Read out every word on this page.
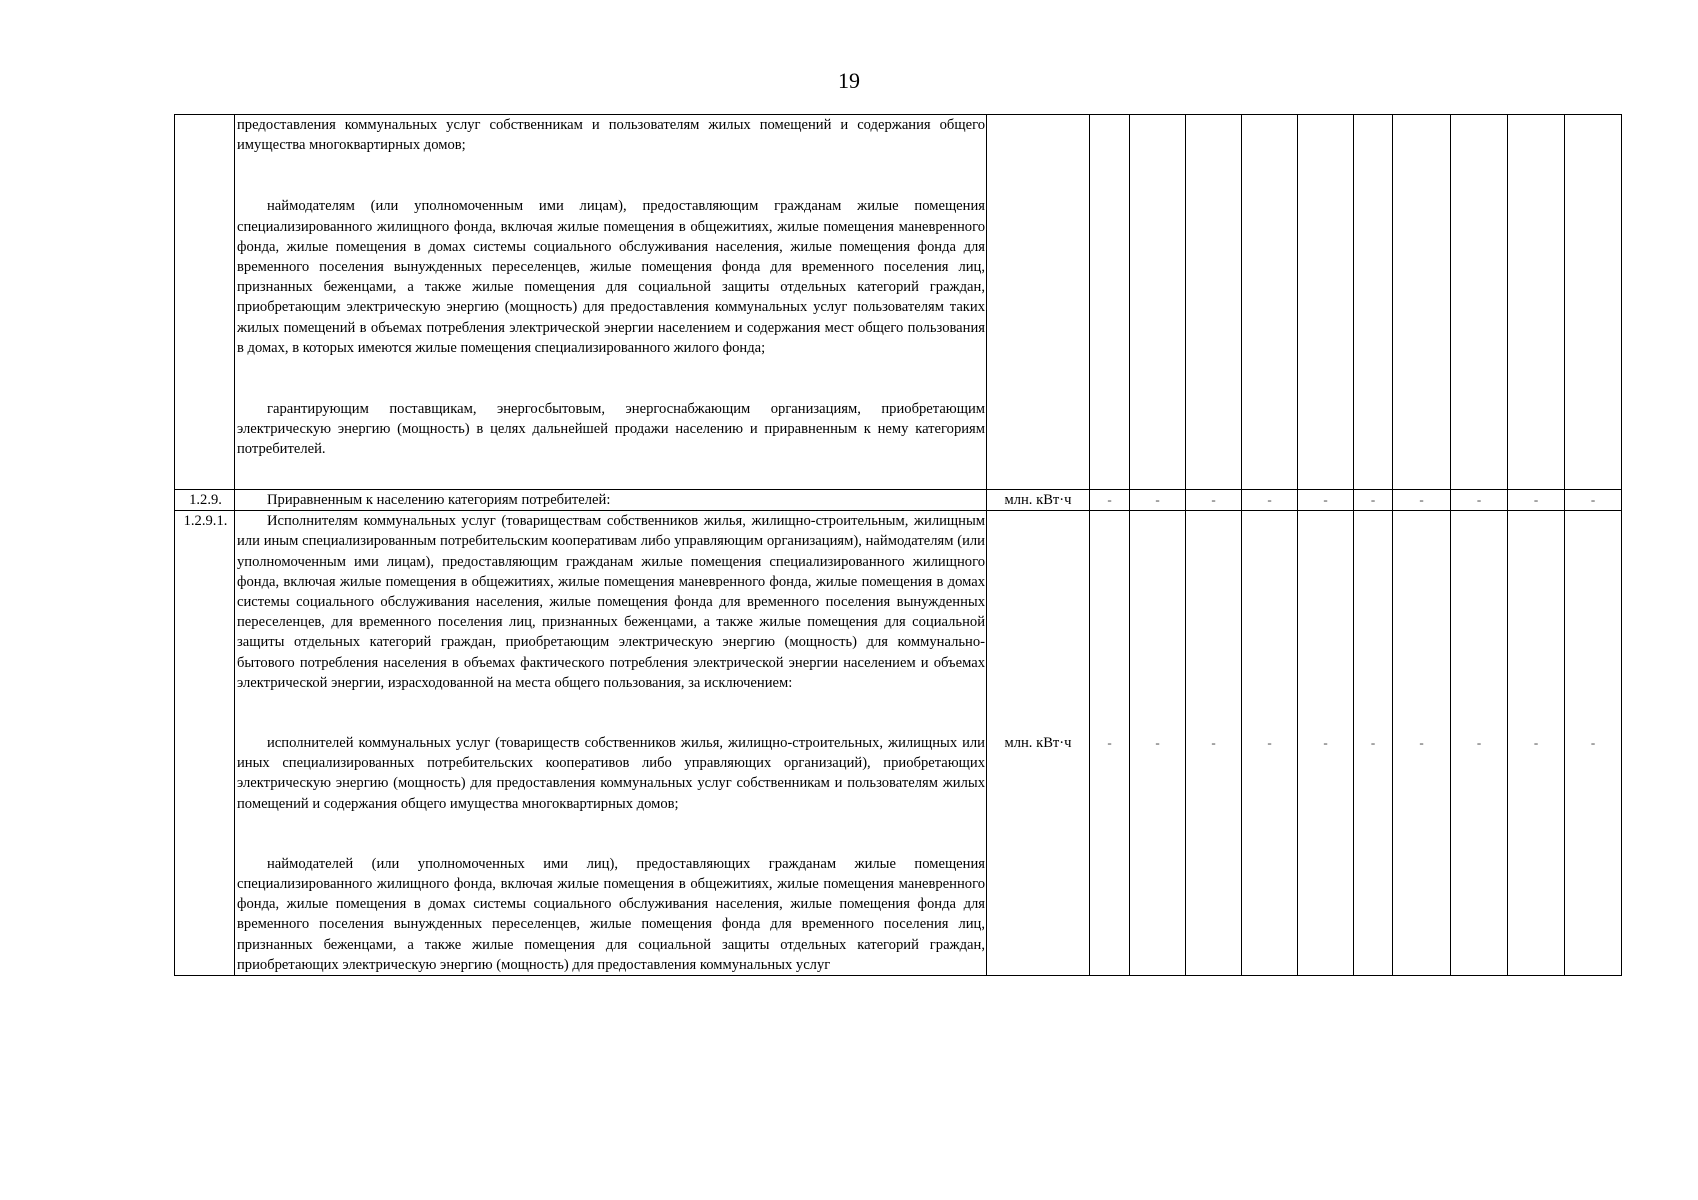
19

	предоставления коммунальных услуг собственникам и пользователям жилых помещений и содержания общего имущества многоквартирных домов;
наймодателям (или уполномоченным ими лицам), предоставляющим гражданам жилые помещения специализированного жилищного фонда, включая жилые помещения в общежитиях, жилые помещения маневренного фонда, жилые помещения в домах системы социального обслуживания населения, жилые помещения фонда для временного поселения вынужденных переселенцев, жилые помещения фонда для временного поселения лиц, признанных беженцами, а также жилые помещения для социальной защиты отдельных категорий граждан, приобретающим электрическую энергию (мощность) для предоставления коммунальных услуг пользователям таких жилых помещений в объемах потребления электрической энергии населением и содержания мест общего пользования в домах, в которых имеются жилые помещения специализированного жилого фонда;
гарантирующим поставщикам, энергосбытовым, энергоснабжающим организациям, приобретающим электрическую энергию (мощность) в целях дальнейшей продажи населению и приравненным к нему категориям потребителей.											

1.2.9.	Приравненным к населению категориям потребителей:	млн. кВт·ч	-	-	-	-	-	-	-	-	-	-
1.2.9.1.	Исполнителям коммунальных услуг (товариществам собственников жилья, жилищно-строительным, жилищным или иным специализированным потребительским кооперативам либо управляющим организациям), наймодателям (или уполномоченным ими лицам), предоставляющим гражданам жилые помещения специализированного жилищного фонда, включая жилые помещения в общежитиях, жилые помещения маневренного фонда, жилые помещения в домах системы социального обслуживания населения, жилые помещения фонда для временного поселения вынужденных переселенцев, для временного поселения лиц, признанных беженцами, а также жилые помещения для социальной защиты отдельных категорий граждан, приобретающим электрическую энергию (мощность) для коммунально-бытового потребления населения в объемах фактического потребления электрической энергии населением и объемах электрической энергии, израсходованной на места общего пользования, за исключением:
исполнителей коммунальных услуг (товариществ собственников жилья, жилищно-строительных, жилищных или иных специализированных потребительских кооперативов либо управляющих организаций), приобретающих электрическую энергию (мощность) для предоставления коммунальных услуг собственникам и пользователям жилых помещений и содержания общего имущества многоквартирных домов;
наймодателей (или уполномоченных ими лиц), предоставляющих гражданам жилые помещения специализированного жилищного фонда, включая жилые помещения в общежитиях, жилые помещения маневренного фонда, жилые помещения в домах системы социального обслуживания населения, жилые помещения фонда для временного поселения вынужденных переселенцев, жилые помещения фонда для временного поселения лиц, признанных беженцами, а также жилые помещения для социальной защиты отдельных категорий граждан, приобретающих электрическую энергию (мощность) для предоставления коммунальных услуг	млн. кВт·ч	-	-	-	-	-	-	-	-	-	-
